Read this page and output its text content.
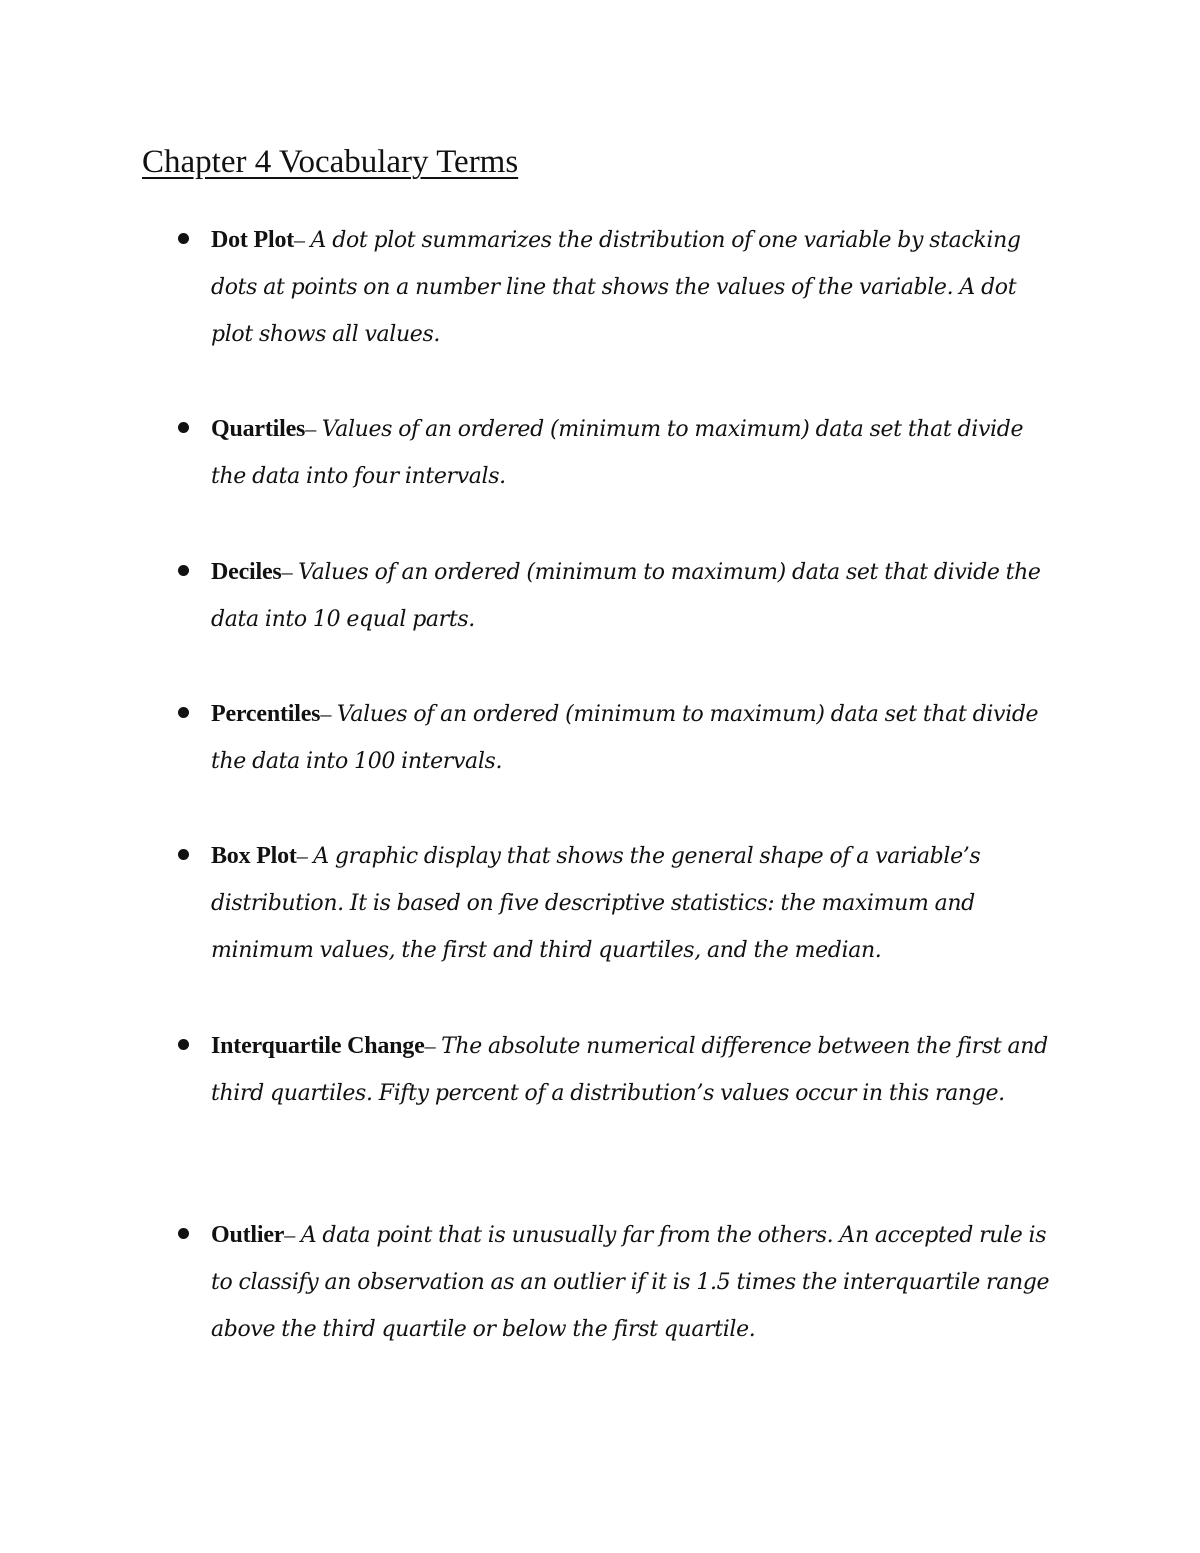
Chapter 4 Vocabulary Terms
Dot Plot– A dot plot summarizes the distribution of one variable by stacking dots at points on a number line that shows the values of the variable. A dot plot shows all values.
Quartiles– Values of an ordered (minimum to maximum) data set that divide the data into four intervals.
Deciles– Values of an ordered (minimum to maximum) data set that divide the data into 10 equal parts.
Percentiles– Values of an ordered (minimum to maximum) data set that divide the data into 100 intervals.
Box Plot– A graphic display that shows the general shape of a variable’s distribution. It is based on five descriptive statistics: the maximum and minimum values, the first and third quartiles, and the median.
Interquartile Change– The absolute numerical difference between the first and third quartiles. Fifty percent of a distribution’s values occur in this range.
Outlier– A data point that is unusually far from the others. An accepted rule is to classify an observation as an outlier if it is 1.5 times the interquartile range above the third quartile or below the first quartile.
